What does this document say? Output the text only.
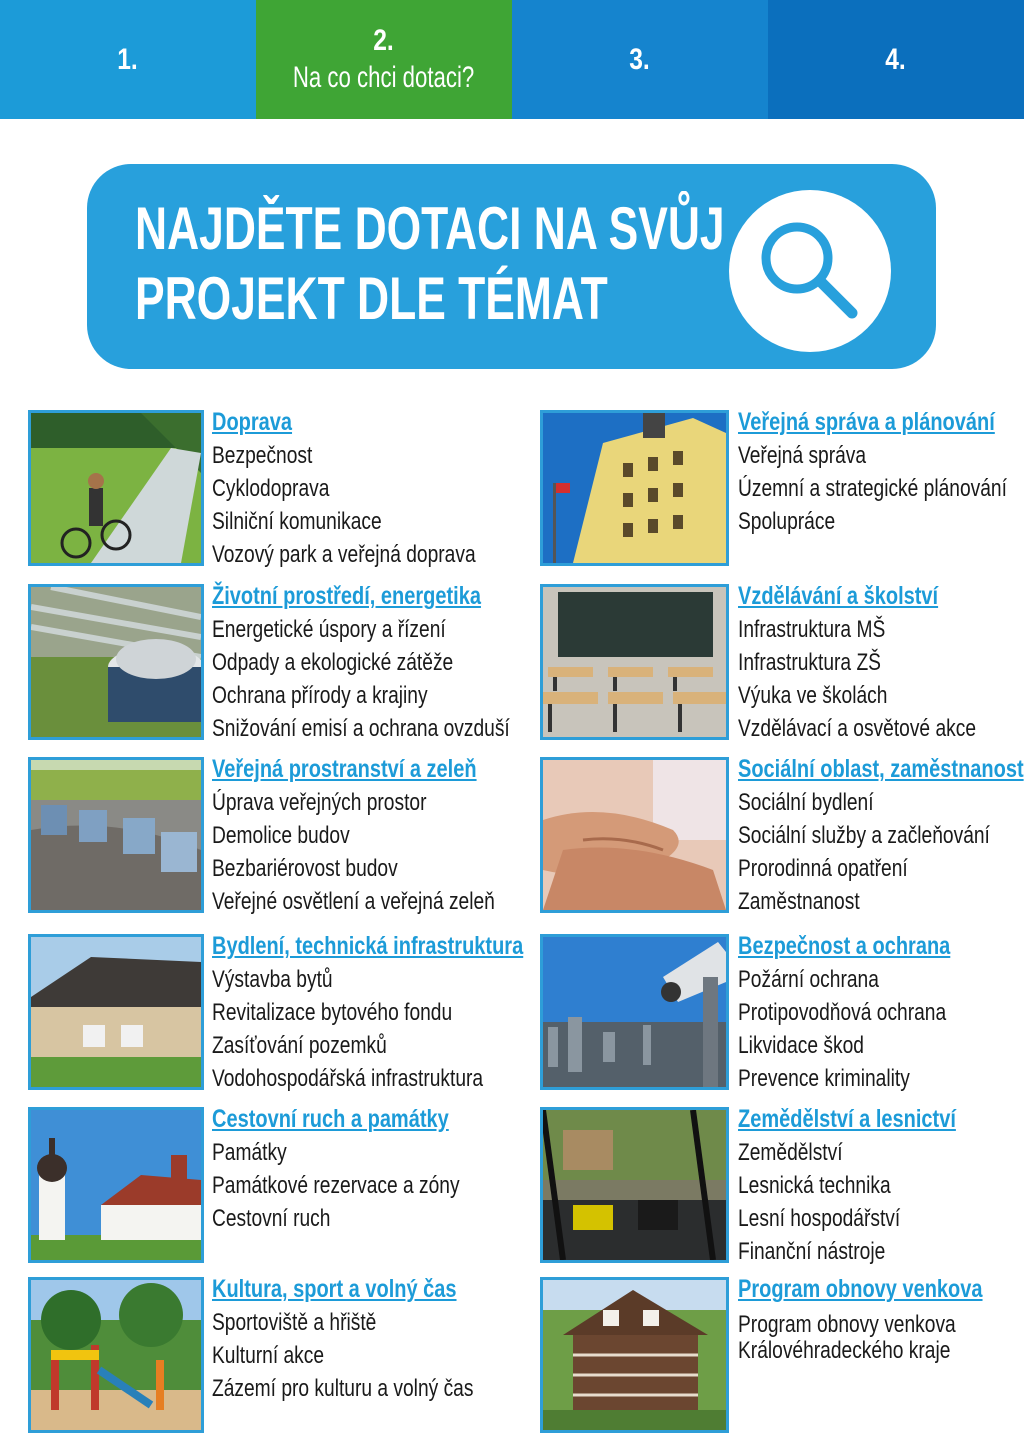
1.
2.
Na co chci dotaci?
3.	4.
NAJDĚTE DOTACI NA SVŮJ
PROJEKT DLE TÉMAT
Doprava
Bezpečnost
Cyklodoprava
Silniční komunikace
Vozový park a veřejná doprava
Životní prostředí, energetika
Energetické úspory a řízení
Odpady a ekologické zátěže
Ochrana přírody a krajiny
Snižování emisí a ochrana ovzduší
Veřejná prostranství a zeleň
Úprava veřejných prostor
Demolice budov
Bezbariérovost budov
Veřejné osvětlení a veřejná zeleň
Bydlení, technická infrastruktura
Výstavba bytů
Revitalizace bytového fondu
Zasíťování pozemků
Vodohospodářská infrastruktura
Cestovní ruch a památky
Památky
Památkové rezervace a zóny
Cestovní ruch
Kultura, sport a volný čas
Sportoviště a hřiště
Kulturní akce
Zázemí pro kulturu a volný čas
Veřejná správa a plánování
Veřejná správa
Územní a strategické plánování
Spolupráce
Vzdělávání a školství
Infrastruktura MŠ
Infrastruktura ZŠ
Výuka ve školách
Vzdělávací a osvětové akce
Sociální oblast, zaměstnanost
Sociální bydlení
Sociální služby a začleňování
Prorodinná opatření
Zaměstnanost
Bezpečnost a ochrana
Požární ochrana
Protipovodňová ochrana
Likvidace škod
Prevence kriminality
Zemědělství a lesnictví
Zemědělství
Lesnická technika
Lesní hospodářství
Finanční nástroje
Program obnovy venkova
Program obnovy venkova
Královéhradeckého kraje
